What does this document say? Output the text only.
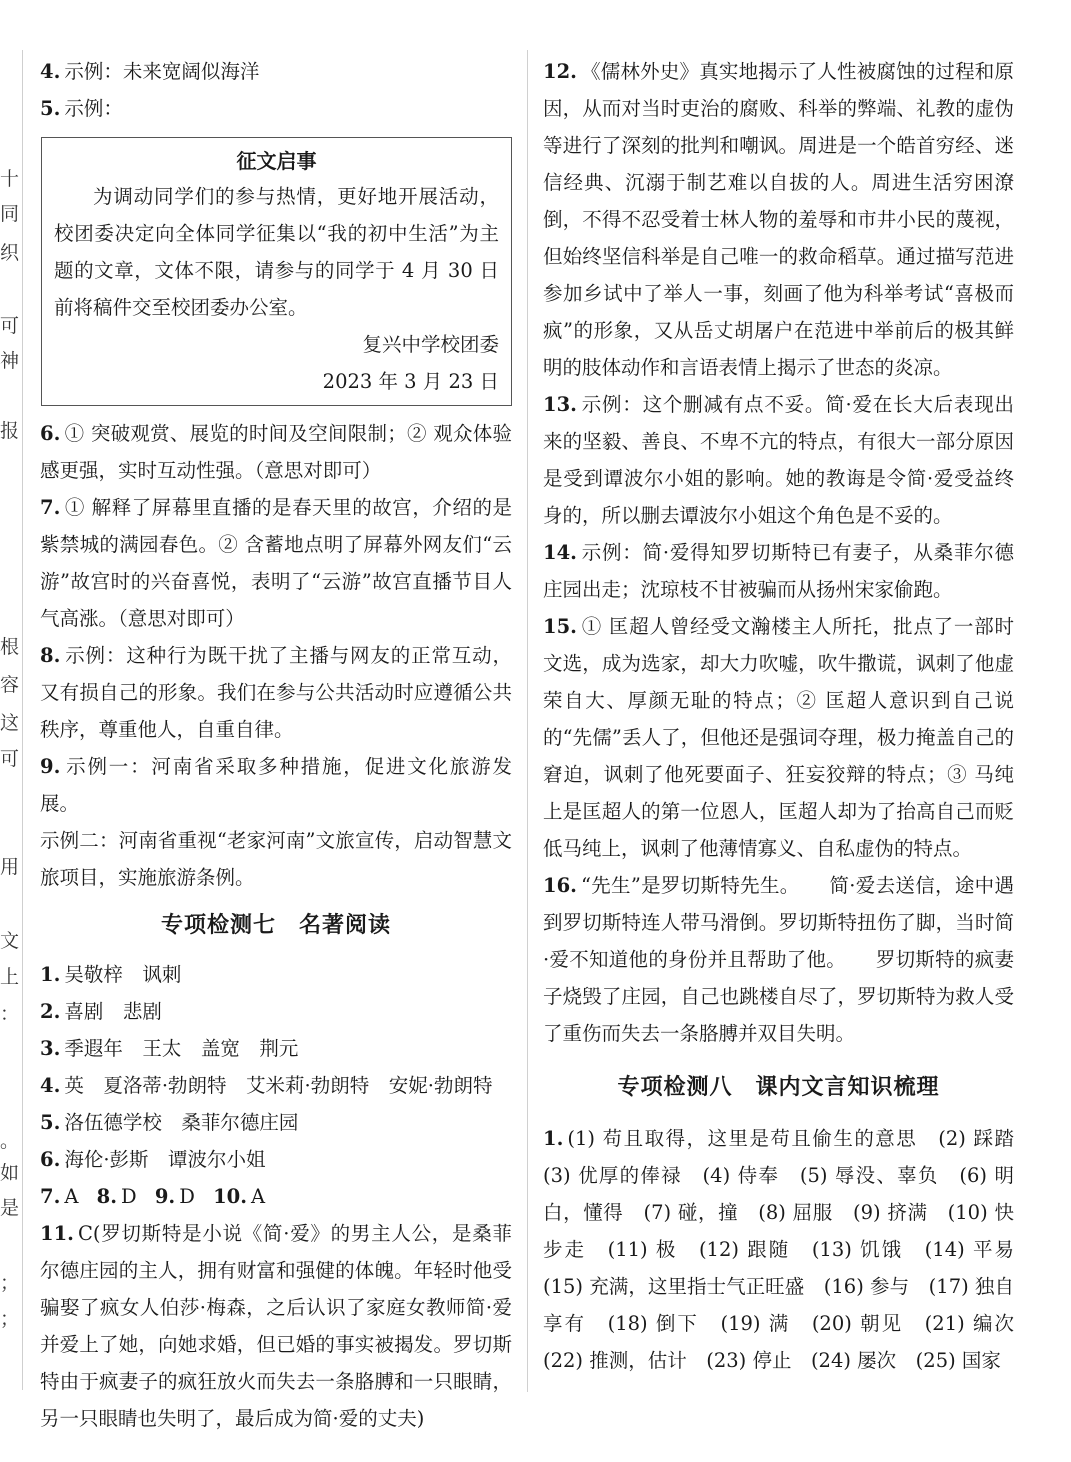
十
同
织
可
神
报
根
容
这
可
用
文
上
：
。
如
是
；
；
4. 示例：未来宽阔似海洋
5. 示例：
征文启事
为调动同学们的参与热情，更好地开展活动，校团委决定向全体同学征集以“我的初中生活”为主题的文章，文体不限，请参与的同学于 4 月 30 日前将稿件交至校团委办公室。
复兴中学校团委
2023 年 3 月 23 日
6. ① 突破观赏、展览的时间及空间限制；② 观众体验感更强，实时互动性强。（意思对即可）
7. ① 解释了屏幕里直播的是春天里的故宫，介绍的是紫禁城的满园春色。② 含蓄地点明了屏幕外网友们“云游”故宫时的兴奋喜悦，表明了“云游”故宫直播节目人气高涨。（意思对即可）
8. 示例：这种行为既干扰了主播与网友的正常互动，又有损自己的形象。我们在参与公共活动时应遵循公共秩序，尊重他人，自重自律。
9. 示例一：河南省采取多种措施，促进文化旅游发展。
示例二：河南省重视“老家河南”文旅宣传，启动智慧文旅项目，实施旅游条例。
专项检测七　名著阅读
1. 吴敬梓　讽刺
2. 喜剧　悲剧
3. 季遐年　王太　盖宽　荆元
4. 英　夏洛蒂·勃朗特　艾米莉·勃朗特　安妮·勃朗特
5. 洛伍德学校　桑菲尔德庄园
6. 海伦·彭斯　谭波尔小姐
7. A 8. D 9. D 10. A
11. C(罗切斯特是小说《简·爱》的男主人公，是桑菲尔德庄园的主人，拥有财富和强健的体魄。年轻时他受骗娶了疯女人伯莎·梅森，之后认识了家庭女教师简·爱并爱上了她，向她求婚，但已婚的事实被揭发。罗切斯特由于疯妻子的疯狂放火而失去一条胳膊和一只眼睛，另一只眼睛也失明了，最后成为简·爱的丈夫)
12. 《儒林外史》真实地揭示了人性被腐蚀的过程和原因，从而对当时吏治的腐败、科举的弊端、礼教的虚伪等进行了深刻的批判和嘲讽。周进是一个皓首穷经、迷信经典、沉溺于制艺难以自拔的人。周进生活穷困潦倒，不得不忍受着士林人物的羞辱和市井小民的蔑视，但始终坚信科举是自己唯一的救命稻草。通过描写范进参加乡试中了举人一事，刻画了他为科举考试“喜极而疯”的形象，又从岳丈胡屠户在范进中举前后的极其鲜明的肢体动作和言语表情上揭示了世态的炎凉。
13. 示例：这个删减有点不妥。简·爱在长大后表现出来的坚毅、善良、不卑不亢的特点，有很大一部分原因是受到谭波尔小姐的影响。她的教诲是令简·爱受益终身的，所以删去谭波尔小姐这个角色是不妥的。
14. 示例：简·爱得知罗切斯特已有妻子，从桑菲尔德庄园出走；沈琼枝不甘被骗而从扬州宋家偷跑。
15. ① 匡超人曾经受文瀚楼主人所托，批点了一部时文选，成为选家，却大力吹嘘，吹牛撒谎，讽刺了他虚荣自大、厚颜无耻的特点；② 匡超人意识到自己说的“先儒”丢人了，但他还是强词夺理，极力掩盖自己的窘迫，讽刺了他死要面子、狂妄狡辩的特点；③ 马纯上是匡超人的第一位恩人，匡超人却为了抬高自己而贬低马纯上，讽刺了他薄情寡义、自私虚伪的特点。
16. “先生”是罗切斯特先生。　　 简·爱去送信，途中遇到罗切斯特连人带马滑倒。罗切斯特扭伤了脚，当时简·爱不知道他的身份并且帮助了他。　　 罗切斯特的疯妻子烧毁了庄园，自己也跳楼自尽了，罗切斯特为救人受了重伤而失去一条胳膊并双目失明。
专项检测八　课内文言知识梳理
1. (1) 苟且取得，这里是苟且偷生的意思　(2) 踩踏　(3) 优厚的俸禄　(4) 侍奉　(5) 辱没、辜负　(6) 明白，懂得　(7) 碰，撞　(8) 屈服　(9) 挤满　(10) 快步走　(11) 极　(12) 跟随　(13) 饥饿　(14) 平易　(15) 充满，这里指士气正旺盛　(16) 参与　(17) 独自享有　(18) 倒下　(19) 满　(20) 朝见　(21) 编次　(22) 推测，估计　(23) 停止　(24) 屡次　(25) 国家
